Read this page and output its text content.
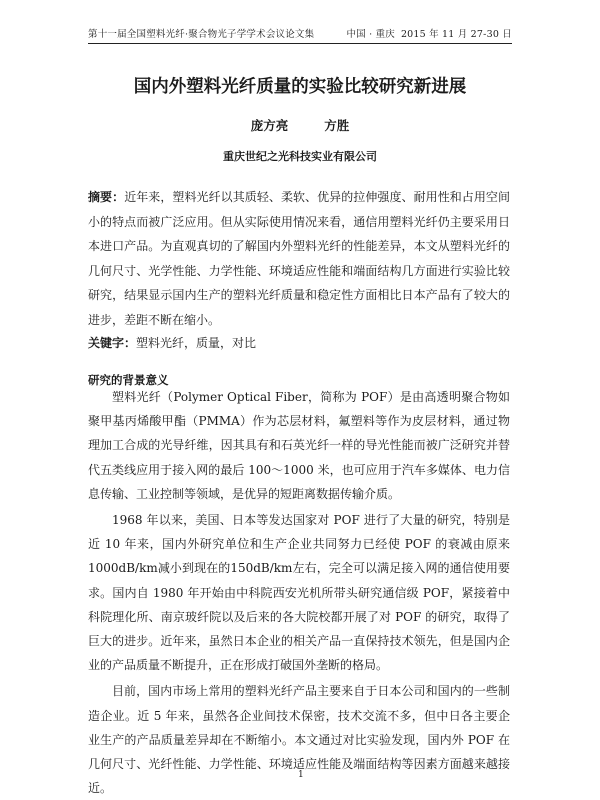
第十一届全国塑料光纤·聚合物光子学学术会议论文集	中国 · 重庆 2015 年 11 月 27-30 日
国内外塑料光纤质量的实验比较研究新进展
庞方亮	方胜
重庆世纪之光科技实业有限公司
摘要：近年来，塑料光纤以其质轻、柔软、优异的拉伸强度、耐用性和占用空间小的特点而被广泛应用。但从实际使用情况来看，通信用塑料光纤仍主要采用日本进口产品。为直观真切的了解国内外塑料光纤的性能差异，本文从塑料光纤的几何尺寸、光学性能、力学性能、环境适应性能和端面结构几方面进行实验比较研究，结果显示国内生产的塑料光纤质量和稳定性方面相比日本产品有了较大的进步，差距不断在缩小。
关键字：塑料光纤，质量，对比
研究的背景意义

塑料光纤（Polymer Optical Fiber，简称为 POF）是由高透明聚合物如聚甲基丙烯酸甲酯（PMMA）作为芯层材料，氟塑料等作为皮层材料，通过物理加工合成的光导纤维，因其具有和石英光纤一样的导光性能而被广泛研究并替代五类线应用于接入网的最后 100～1000 米，也可应用于汽车多媒体、电力信息传输、工业控制等领域，是优异的短距离数据传输介质。

1968 年以来，美国、日本等发达国家对 POF 进行了大量的研究，特别是近 10 年来，国内外研究单位和生产企业共同努力已经使 POF 的衰减由原来 1000dB/km减小到现在的150dB/km左右，完全可以满足接入网的通信使用要求。国内自 1980 年开始由中科院西安光机所带头研究通信级 POF，紧接着中科院理化所、南京玻纤院以及后来的各大院校都开展了对 POF 的研究，取得了巨大的进步。近年来，虽然日本企业的相关产品一直保持技术领先，但是国内企业的产品质量不断提升，正在形成打破国外垄断的格局。

目前，国内市场上常用的塑料光纤产品主要来自于日本公司和国内的一些制造企业。近 5 年来，虽然各企业间技术保密，技术交流不多，但中日各主要企业生产的产品质量差异却在不断缩小。本文通过对比实验发现，国内外 POF 在几何尺寸、光纤性能、力学性能、环境适应性能及端面结构等因素方面越来越接近。

1
